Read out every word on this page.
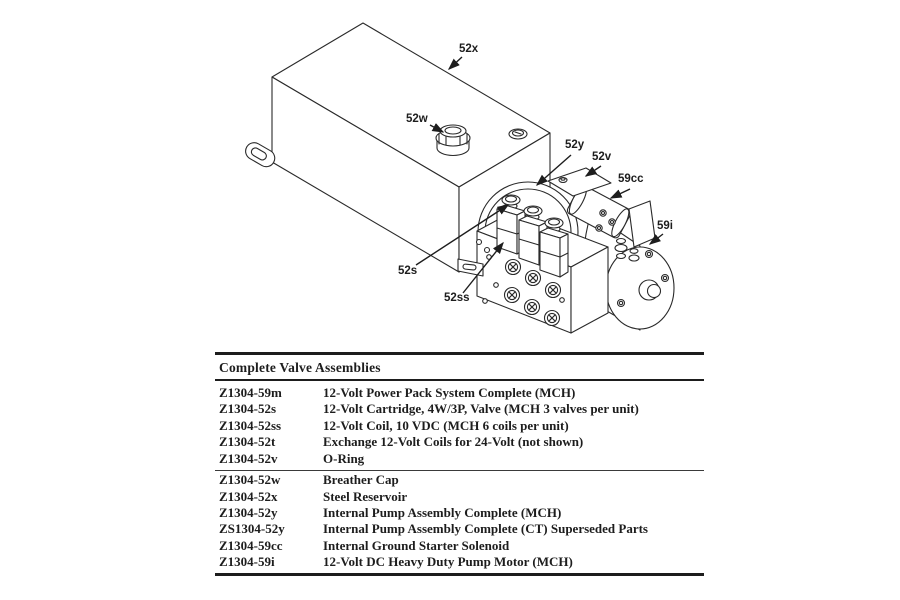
52x
52w
52y
52v
59cc
59i
52s
52ss
Complete Valve Assemblies
Z1304-59m	12-Volt Power Pack System Complete (MCH)
Z1304-52s	12-Volt Cartridge, 4W/3P, Valve (MCH 3 valves per unit)
Z1304-52ss	12-Volt Coil, 10 VDC (MCH 6 coils per unit)
Z1304-52t	Exchange 12-Volt Coils for 24-Volt (not shown)
Z1304-52v	O-Ring
Z1304-52w	Breather Cap
Z1304-52x	Steel Reservoir
Z1304-52y	Internal Pump Assembly Complete (MCH)
ZS1304-52y	Internal Pump Assembly Complete (CT) Superseded Parts
Z1304-59cc	Internal Ground Starter Solenoid
Z1304-59i	12-Volt DC Heavy Duty Pump Motor (MCH)
